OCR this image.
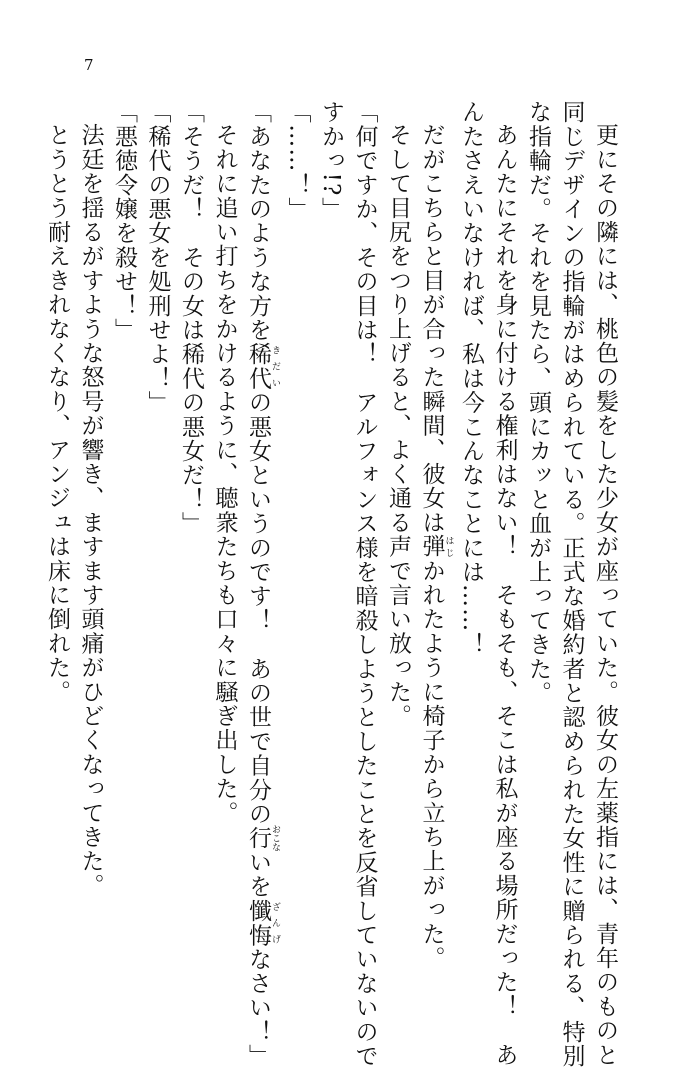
7
更にその隣には、桃色の髪をした少女が座っていた。彼女の左薬指には、青年のものと
同じデザインの指輪がはめられている。正式な婚約者と認められた女性に贈られる、特別
な指輪だ。それを見たら、頭にカッと血が上ってきた。
あんたにそれを身に付ける権利はない！　そもそも、そこは私が座る場所だった！　あ
んたさえいなければ、私は今こんなことには……！
だがこちらと目が合った瞬間、彼女は弾 はじかれたように椅子から立ち上がった。
そして目尻をつり上げると、よく通る声で言い放った。
「何ですか、その目は！　アルフォンス様を暗殺しようとしたことを反省していないので
すかっ!?」
「……！」
「あなたのような方を稀代 きだいの悪女というのです！　あの世で自分の行 おこないを懺悔 ざんげなさい！」
それに追い打ちをかけるように、聴衆たちも口々に騒ぎ出した。
「そうだ！　その女は稀代の悪女だ！」
「稀代の悪女を処刑せよ！」
「悪徳令嬢を殺せ！」
法廷を揺るがすような怒号が響き、ますます頭痛がひどくなってきた。
とうとう耐えきれなくなり、アンジュは床に倒れた。
